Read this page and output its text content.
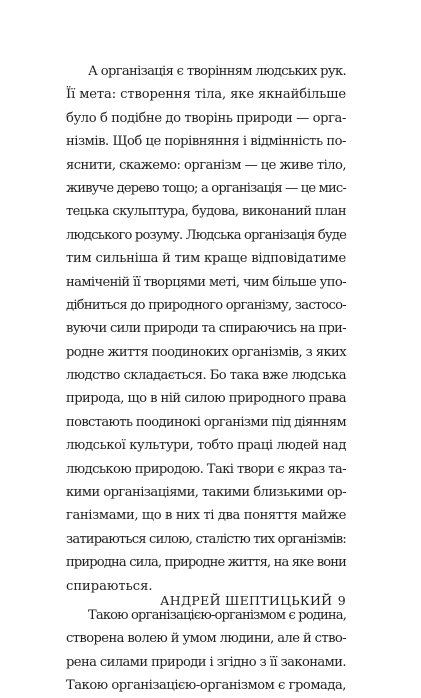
А організація є творінням людських рук.
Її мета: створення тіла, яке якнайбільше
було б подібне до творінь природи — орга-
нізмів. Щоб це порівняння і відмінність по-
яснити, скажемо: організм — це живе тіло,
живуче дерево тощо; а організація — це мис-
тецька скульптура, будова, виконаний план
людського розуму. Людська організація буде
тим сильніша й тим краще відповідатиме
наміченій її творцями меті, чим більше упо-
дібниться до природного організму, застосо-
вуючи сили природи та спираючись на при-
родне життя поодиноких організмів, з яких
людство складається. Бо така вже людська
природа, що в ній силою природного права
повстають поодинокі організми під діянням
людської культури, тобто праці людей над
людською природою. Такі твори є якраз та-
кими організаціями, такими близькими ор-
ганізмами, що в них ті два поняття майже
затираються силою, сталістю тих організмів:
природна сила, природне життя, на яке вони
спираються.
Такою організацією-організмом є родина,
створена волею й умом людини, але й ство-
рена силами природи і згідно з її законами.
Такою організацією-організмом є громада,
АНДРЕЙ ШЕПТИЦЬКИЙ 9
